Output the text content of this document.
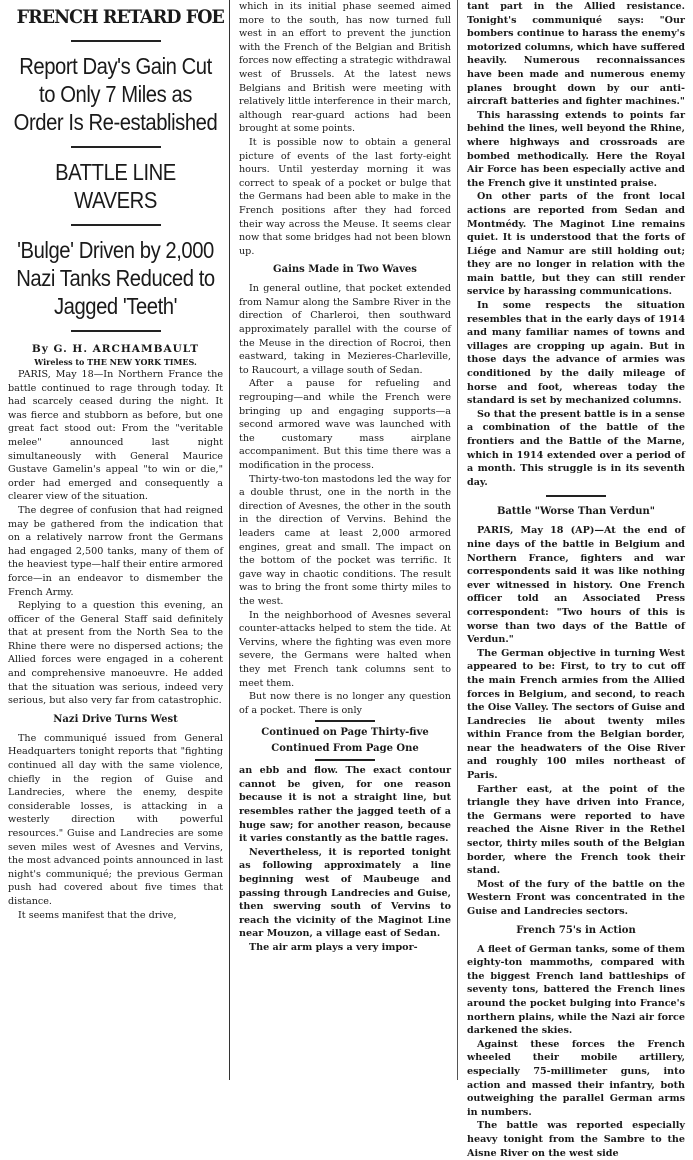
FRENCH RETARD FOE
Report Day's Gain Cut to Only 7 Miles as Order Is Re-established
BATTLE LINE WAVERS
'Bulge' Driven by 2,000 Nazi Tanks Reduced to Jagged 'Teeth'
By G. H. ARCHAMBAULT
Wireless to THE NEW YORK TIMES.

PARIS, May 18—In Northern France the battle continued to rage through today. It had scarcely ceased during the night. It was fierce and stubborn as before, but one great fact stood out: From the "veritable melee" announced last night simultaneously with General Maurice Gustave Gamelin's appeal "to win or die," order had emerged and consequently a clearer view of the situation.

The degree of confusion that had reigned may be gathered from the indication that on a relatively narrow front the Germans had engaged 2,500 tanks, many of them of the heaviest type—half their entire armored force—in an endeavor to dismember the French Army.

Replying to a question this evening, an officer of the General Staff said definitely that at present from the North Sea to the Rhine there were no dispersed actions; the Allied forces were engaged in a coherent and comprehensive manoeuvre. He added that the situation was serious, indeed very serious, but also very far from catastrophic.

Nazi Drive Turns West

The communiqué issued from General Headquarters tonight reports that "fighting continued all day with the same violence, chiefly in the region of Guise and Landrecies, where the enemy, despite considerable losses, is attacking in a westerly direction with powerful resources." Guise and Landrecies are some seven miles west of Avesnes and Vervins, the most advanced points announced in last night's communiqué; the previous German push had covered about five times that distance.

It seems manifest that the drive,

which in its initial phase seemed aimed more to the south, has now turned full west in an effort to prevent the junction with the French of the Belgian and British forces now effecting a strategic withdrawal west of Brussels. At the latest news Belgians and British were meeting with relatively little interference in their march, although rear-guard actions had been brought at some points.

It is possible now to obtain a general picture of events of the last forty-eight hours. Until yesterday morning it was correct to speak of a pocket or bulge that the Germans had been able to make in the French positions after they had forced their way across the Meuse. It seems clear now that some bridges had not been blown up.

Gains Made in Two Waves

In general outline, that pocket extended from Namur along the Sambre River in the direction of Charleroi, then southward approximately parallel with the course of the Meuse in the direction of Rocroi, then eastward, taking in Mezieres-Charleville, to Raucourt, a village south of Sedan.

After a pause for refueling and regrouping—and while the French were bringing up and engaging supports—a second armored wave was launched with the customary mass airplane accompaniment. But this time there was a modification in the process.

Thirty-two-ton mastodons led the way for a double thrust, one in the north in the direction of Avesnes, the other in the south in the direction of Vervins. Behind the leaders came at least 2,000 armored engines, great and small. The impact on the bottom of the pocket was terrific. It gave way in chaotic conditions. The result was to bring the front some thirty miles to the west.

In the neighborhood of Avesnes several counter-attacks helped to stem the tide. At Vervins, where the fighting was even more severe, the Germans were halted when they met French tank columns sent to meet them.

But now there is no longer any question of a pocket. There is only

Continued on Page Thirty-five
Continued From Page One

an ebb and flow. The exact contour cannot be given, for one reason because it is not a straight line, but resembles rather the jagged teeth of a huge saw; for another reason, because it varies constantly as the battle rages.

Nevertheless, it is reported tonight as following approximately a line beginning west of Maubeuge and passing through Landrecies and Guise, then swerving south of Vervins to reach the vicinity of the Maginot Line near Mouzon, a village east of Sedan.

The air arm plays a very impor-

tant part in the Allied resistance. Tonight's communiqué says: "Our bombers continue to harass the enemy's motorized columns, which have suffered heavily. Numerous reconnaissances have been made and numerous enemy planes brought down by our anti-aircraft batteries and fighter machines."

This harassing extends to points far behind the lines, well beyond the Rhine, where highways and crossroads are bombed methodically. Here the Royal Air Force has been especially active and the French give it unstinted praise.

On other parts of the front local actions are reported from Sedan and Montmédy. The Maginot Line remains quiet. It is understood that the forts of Liége and Namur are still holding out; they are no longer in relation with the main battle, but they can still render service by harassing communications.

In some respects the situation resembles that in the early days of 1914 and many familiar names of towns and villages are cropping up again. But in those days the advance of armies was conditioned by the daily mileage of horse and foot, whereas today the standard is set by mechanized columns.

So that the present battle is in a sense a combination of the battle of the frontiers and the Battle of the Marne, which in 1914 extended over a period of a month. This struggle is in its seventh day.

Battle "Worse Than Verdun"

PARIS, May 18 (AP)—At the end of nine days of the battle in Belgium and Northern France, fighters and war correspondents said it was like nothing ever witnessed in history. One French officer told an Associated Press correspondent: "Two hours of this is worse than two days of the Battle of Verdun."

The German objective in turning West appeared to be: First, to try to cut off the main French armies from the Allied forces in Belgium, and second, to reach the Oise Valley. The sectors of Guise and Landrecies lie about twenty miles within France from the Belgian border, near the headwaters of the Oise River and roughly 100 miles northeast of Paris.

Farther east, at the point of the triangle they have driven into France, the Germans were reported to have reached the Aisne River in the Rethel sector, thirty miles south of the Belgian border, where the French took their stand.

Most of the fury of the battle on the Western Front was concentrated in the Guise and Landrecies sectors.

French 75's in Action

A fleet of German tanks, some of them eighty-ton mammoths, compared with the biggest French land battleships of seventy tons, battered the French lines around the pocket bulging into France's northern plains, while the Nazi air force darkened the skies.

Against these forces the French wheeled their mobile artillery, especially 75-millimeter guns, into action and massed their infantry, both outweighing the parallel German arms in numbers.

The battle was reported especially heavy tonight from the Sambre to the Aisne River on the west side
